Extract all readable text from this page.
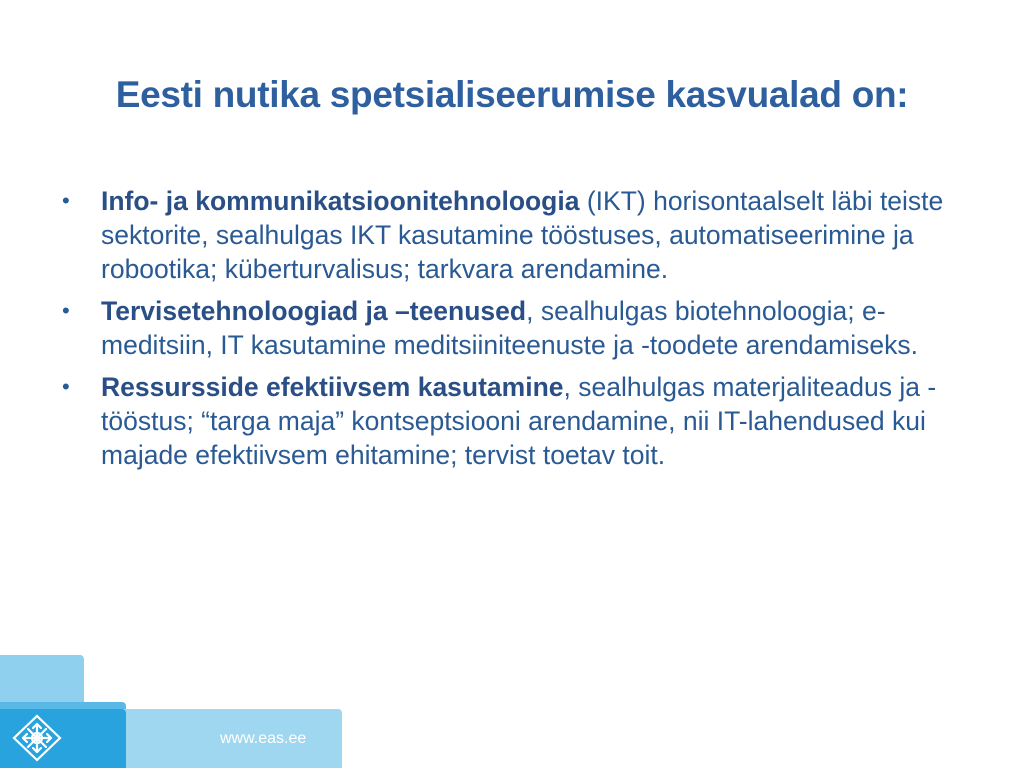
Eesti nutika spetsialiseerumise kasvualad on:
• Info- ja kommunikatsioonitehnoloogia (IKT) horisontaalselt läbi teiste sektorite, sealhulgas IKT kasutamine tööstuses, automatiseerimine ja robootika; küberturvalisus; tarkvara arendamine.
• Tervisetehnoloogiad ja –teenused, sealhulgas biotehnoloogia; e-meditsiin, IT kasutamine meditsiiniteenuste ja -toodete arendamiseks.
• Ressursside efektiivsem kasutamine, sealhulgas materjaliteadus ja -tööstus; “targa maja” kontseptsiooni arendamine, nii IT-lahendused kui majade efektiivsem ehitamine; tervist toetav toit.
www.eas.ee
